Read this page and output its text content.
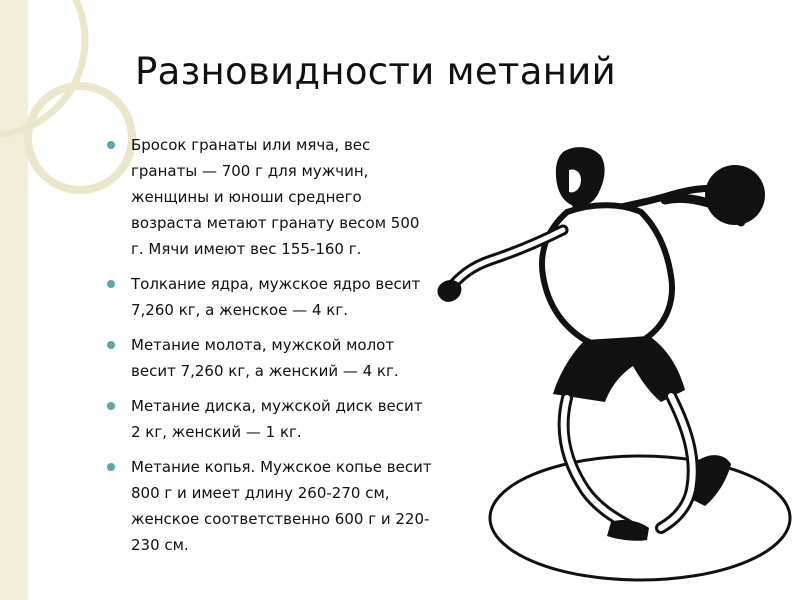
Разновидности метаний
Бросок гранаты или мяча, вес гранаты — 700 г для мужчин, женщины и юноши среднего возраста метают гранату весом 500 г. Мячи имеют вес 155-160 г.
Толкание ядра, мужское ядро весит 7,260 кг, а женское — 4 кг.
Метание молота, мужской молот весит 7,260 кг, а женский — 4 кг.
Метание диска, мужской диск весит 2 кг, женский — 1 кг.
Метание копья. Мужское копье весит 800 г и имеет длину 260-270 см, женское соответственно 600 г и 220-230 см.
